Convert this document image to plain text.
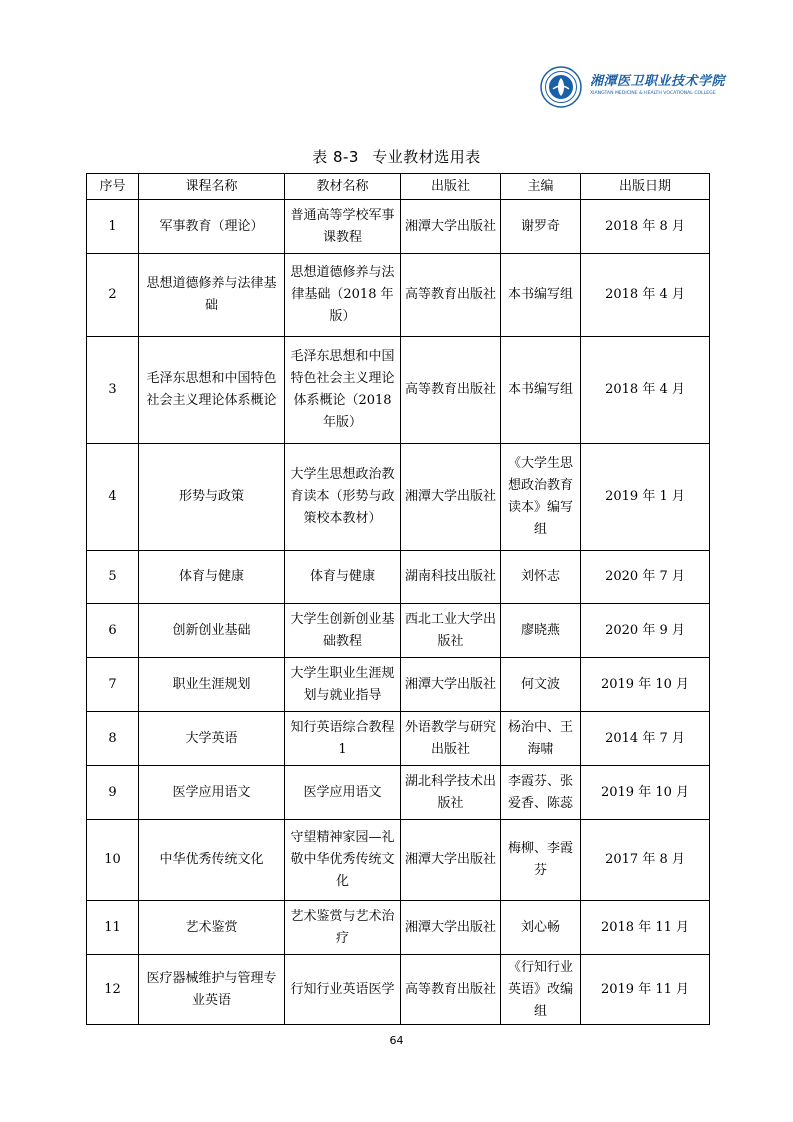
湘潭医卫职业技术学院
XIANGTAN MEDICINE & HEALTH VOCATIONAL COLLEGE
表 8-3 专业教材选用表
序号	课程名称	教材名称	出版社	主编	出版日期
1	军事教育（理论）	普通高等学校军事课教程	湘潭大学出版社	谢罗奇	2018 年 8 月
2	思想道德修养与法律基础	思想道德修养与法律基础（2018 年版）	高等教育出版社	本书编写组	2018 年 4 月
3	毛泽东思想和中国特色社会主义理论体系概论	毛泽东思想和中国特色社会主义理论体系概论（2018 年版）	高等教育出版社	本书编写组	2018 年 4 月
4	形势与政策	大学生思想政治教育读本（形势与政策校本教材）	湘潭大学出版社	《大学生思想政治教育读本》编写组	2019 年 1 月
5	体育与健康	体育与健康	湖南科技出版社	刘怀志	2020 年 7 月
6	创新创业基础	大学生创新创业基础教程	西北工业大学出版社	廖晓燕	2020 年 9 月
7	职业生涯规划	大学生职业生涯规划与就业指导	湘潭大学出版社	何文波	2019 年 10 月
8	大学英语	知行英语综合教程 1	外语教学与研究出版社	杨治中、王海啸	2014 年 7 月
9	医学应用语文	医学应用语文	湖北科学技术出版社	李霞芬、张爱香、陈蕊	2019 年 10 月
10	中华优秀传统文化	守望精神家园—礼敬中华优秀传统文化	湘潭大学出版社	梅柳、李霞芬	2017 年 8 月
11	艺术鉴赏	艺术鉴赏与艺术治疗	湘潭大学出版社	刘心畅	2018 年 11 月
12	医疗器械维护与管理专业英语	行知行业英语医学	高等教育出版社	《行知行业英语》改编组	2019 年 11 月
64
